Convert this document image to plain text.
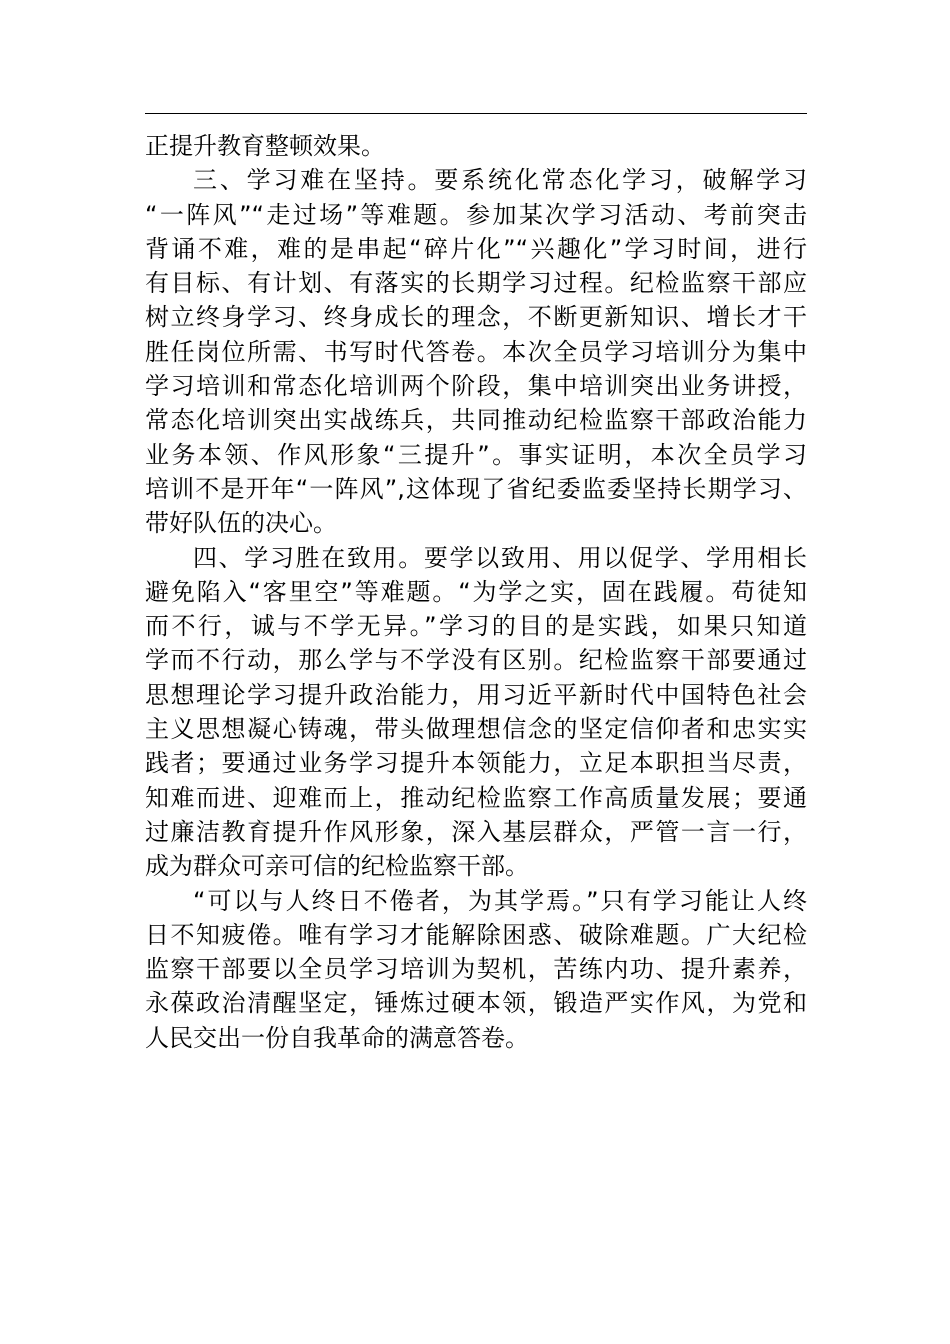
正提升教育整顿效果。
三、学习难在坚持。要系统化常态化学习，破解学习
“一阵风”“走过场”等难题。参加某次学习活动、考前突击
背诵不难，难的是串起“碎片化”“兴趣化”学习时间，进行
有目标、有计划、有落实的长期学习过程。纪检监察干部应
树立终身学习、终身成长的理念，不断更新知识、增长才干
胜任岗位所需、书写时代答卷。本次全员学习培训分为集中
学习培训和常态化培训两个阶段，集中培训突出业务讲授，
常态化培训突出实战练兵，共同推动纪检监察干部政治能力
业务本领、作风形象“三提升”。事实证明，本次全员学习
培训不是开年“一阵风”,这体现了省纪委监委坚持长期学习、
带好队伍的决心。
四、学习胜在致用。要学以致用、用以促学、学用相长
避免陷入“客里空”等难题。“为学之实，固在践履。苟徒知
而不行，诚与不学无异。”学习的目的是实践，如果只知道
学而不行动，那么学与不学没有区别。纪检监察干部要通过
思想理论学习提升政治能力，用习近平新时代中国特色社会
主义思想凝心铸魂，带头做理想信念的坚定信仰者和忠实实
践者；要通过业务学习提升本领能力，立足本职担当尽责，
知难而进、迎难而上，推动纪检监察工作高质量发展；要通
过廉洁教育提升作风形象，深入基层群众，严管一言一行，
成为群众可亲可信的纪检监察干部。
“可以与人终日不倦者，为其学焉。”只有学习能让人终
日不知疲倦。唯有学习才能解除困惑、破除难题。广大纪检
监察干部要以全员学习培训为契机，苦练内功、提升素养，
永葆政治清醒坚定，锤炼过硬本领，锻造严实作风，为党和
人民交出一份自我革命的满意答卷。
